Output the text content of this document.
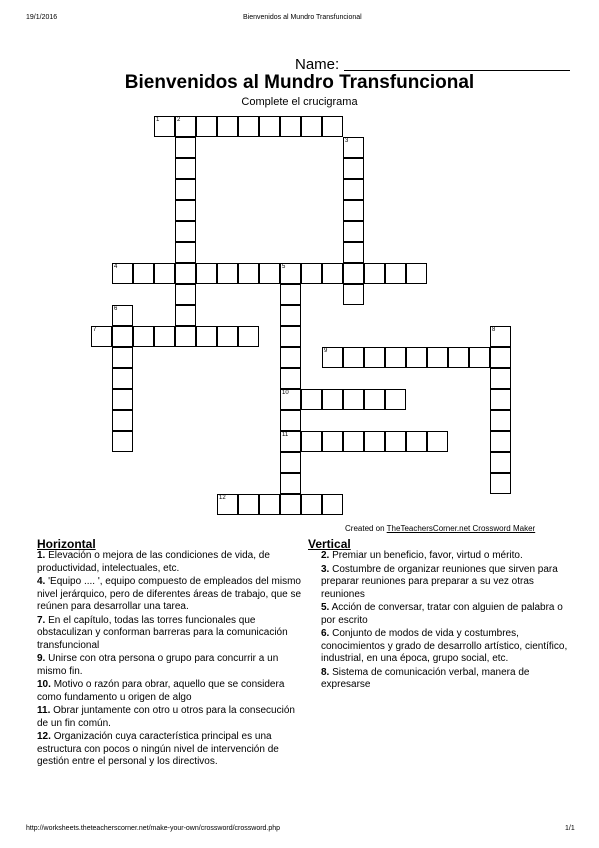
19/1/2016	Bienvenidos al Mundro Transfuncional
Name:
Bienvenidos al Mundro Transfuncional
Complete el crucigrama
1	2
3
4	5
10
11
6
7	8
9
12
Created on TheTeachersCorner.net Crossword Maker
Horizontal	Vertical
1. Elevación o mejora de las condiciones de vida, de productividad, intelectuales, etc.
4. 'Equipo .... ', equipo compuesto de empleados del mismo nivel jerárquico, pero de diferentes áreas de trabajo, que se reúnen para desarrollar una tarea.
7. En el capítulo, todas las torres funcionales que obstaculizan y conforman barreras para la comunicación transfuncional
9. Unirse con otra persona o grupo para concurrir a un mismo fin.
10. Motivo o razón para obrar, aquello que se considera como fundamento u origen de algo
11. Obrar juntamente con otro u otros para la consecución de un fin común.
12. Organización cuya característica principal es una estructura con pocos o ningún nivel de intervención de gestión entre el personal y los directivos.
2. Premiar un beneficio, favor, virtud o mérito.
3. Costumbre de organizar reuniones que sirven para preparar reuniones para preparar a su vez otras reuniones
5. Acción de conversar, tratar con alguien de palabra o por escrito
6. Conjunto de modos de vida y costumbres, conocimientos y grado de desarrollo artístico, científico, industrial, en una época, grupo social, etc.
8. Sistema de comunicación verbal, manera de expresarse
http://worksheets.theteacherscorner.net/make-your-own/crossword/crossword.php	1/1
